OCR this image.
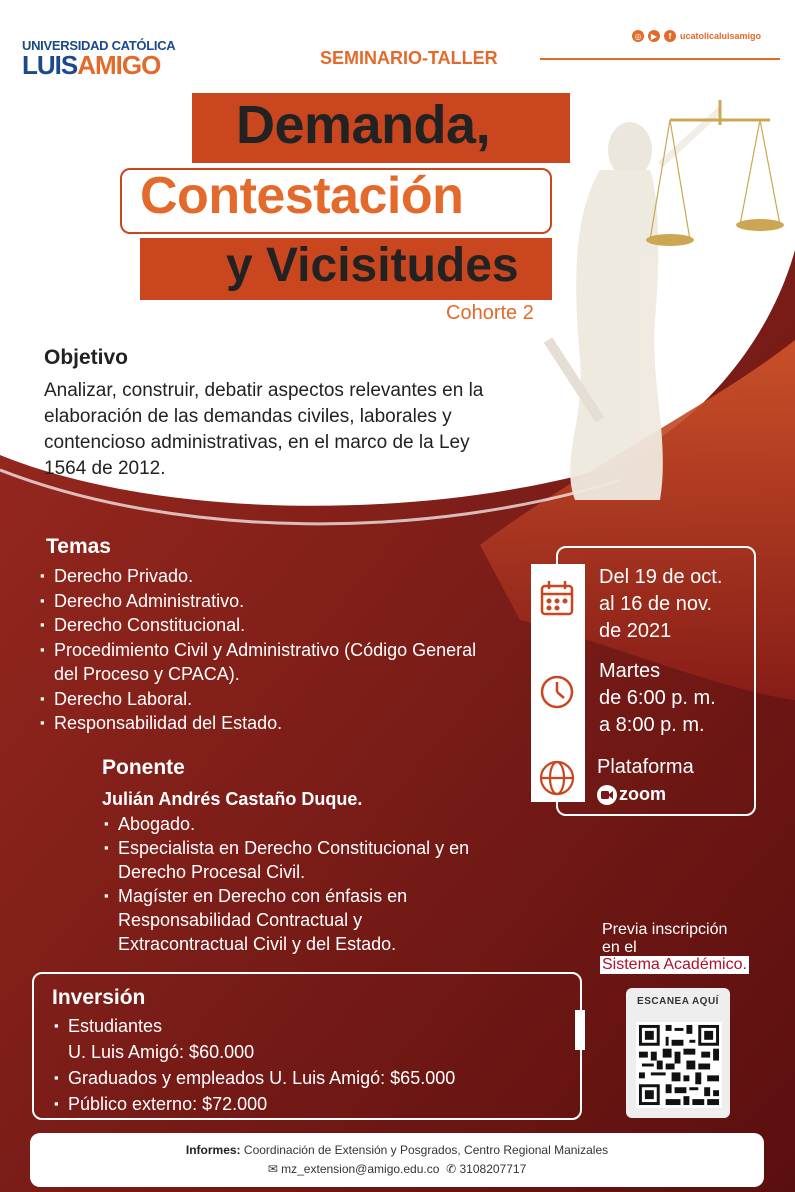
UNIVERSIDAD CATÓLICA
LUISAMIGO
◎	▶	f ucatolicaluisamigo
SEMINARIO-TALLER
Demanda,
Contestación
y Vicisitudes
Cohorte 2
Objetivo
Analizar, construir, debatir aspectos relevantes en la elaboración de las demandas civiles, laborales y contencioso administrativas, en el marco de la Ley 1564 de 2012.
Temas
▪ Derecho Privado.
▪ Derecho Administrativo.
▪ Derecho Constitucional.
▪ Procedimiento Civil y Administrativo (Código General del Proceso y CPACA).
▪ Derecho Laboral.
▪ Responsabilidad del Estado.
Ponente
Julián Andrés Castaño Duque.
▪ Abogado.
▪ Especialista en Derecho Constitucional y en Derecho Procesal Civil.
▪ Magíster en Derecho con énfasis en Responsabilidad Contractual y Extracontractual Civil y del Estado.
Del 19 de oct.
al 16 de nov.
de 2021
Martes
de 6:00 p. m.
a 8:00 p. m.
Plataforma
zoom
Previa inscripción
en el
Sistema Académico.
Inversión
▪ Estudiantes
U. Luis Amigó: $60.000
▪ Graduados y empleados U. Luis Amigó: $65.000
▪ Público externo: $72.000
ESCANEA AQUÍ
Informes: Coordinación de Extensión y Posgrados, Centro Regional Manizales
✉ mz_extension@amigo.edu.co ✆ 3108207717
